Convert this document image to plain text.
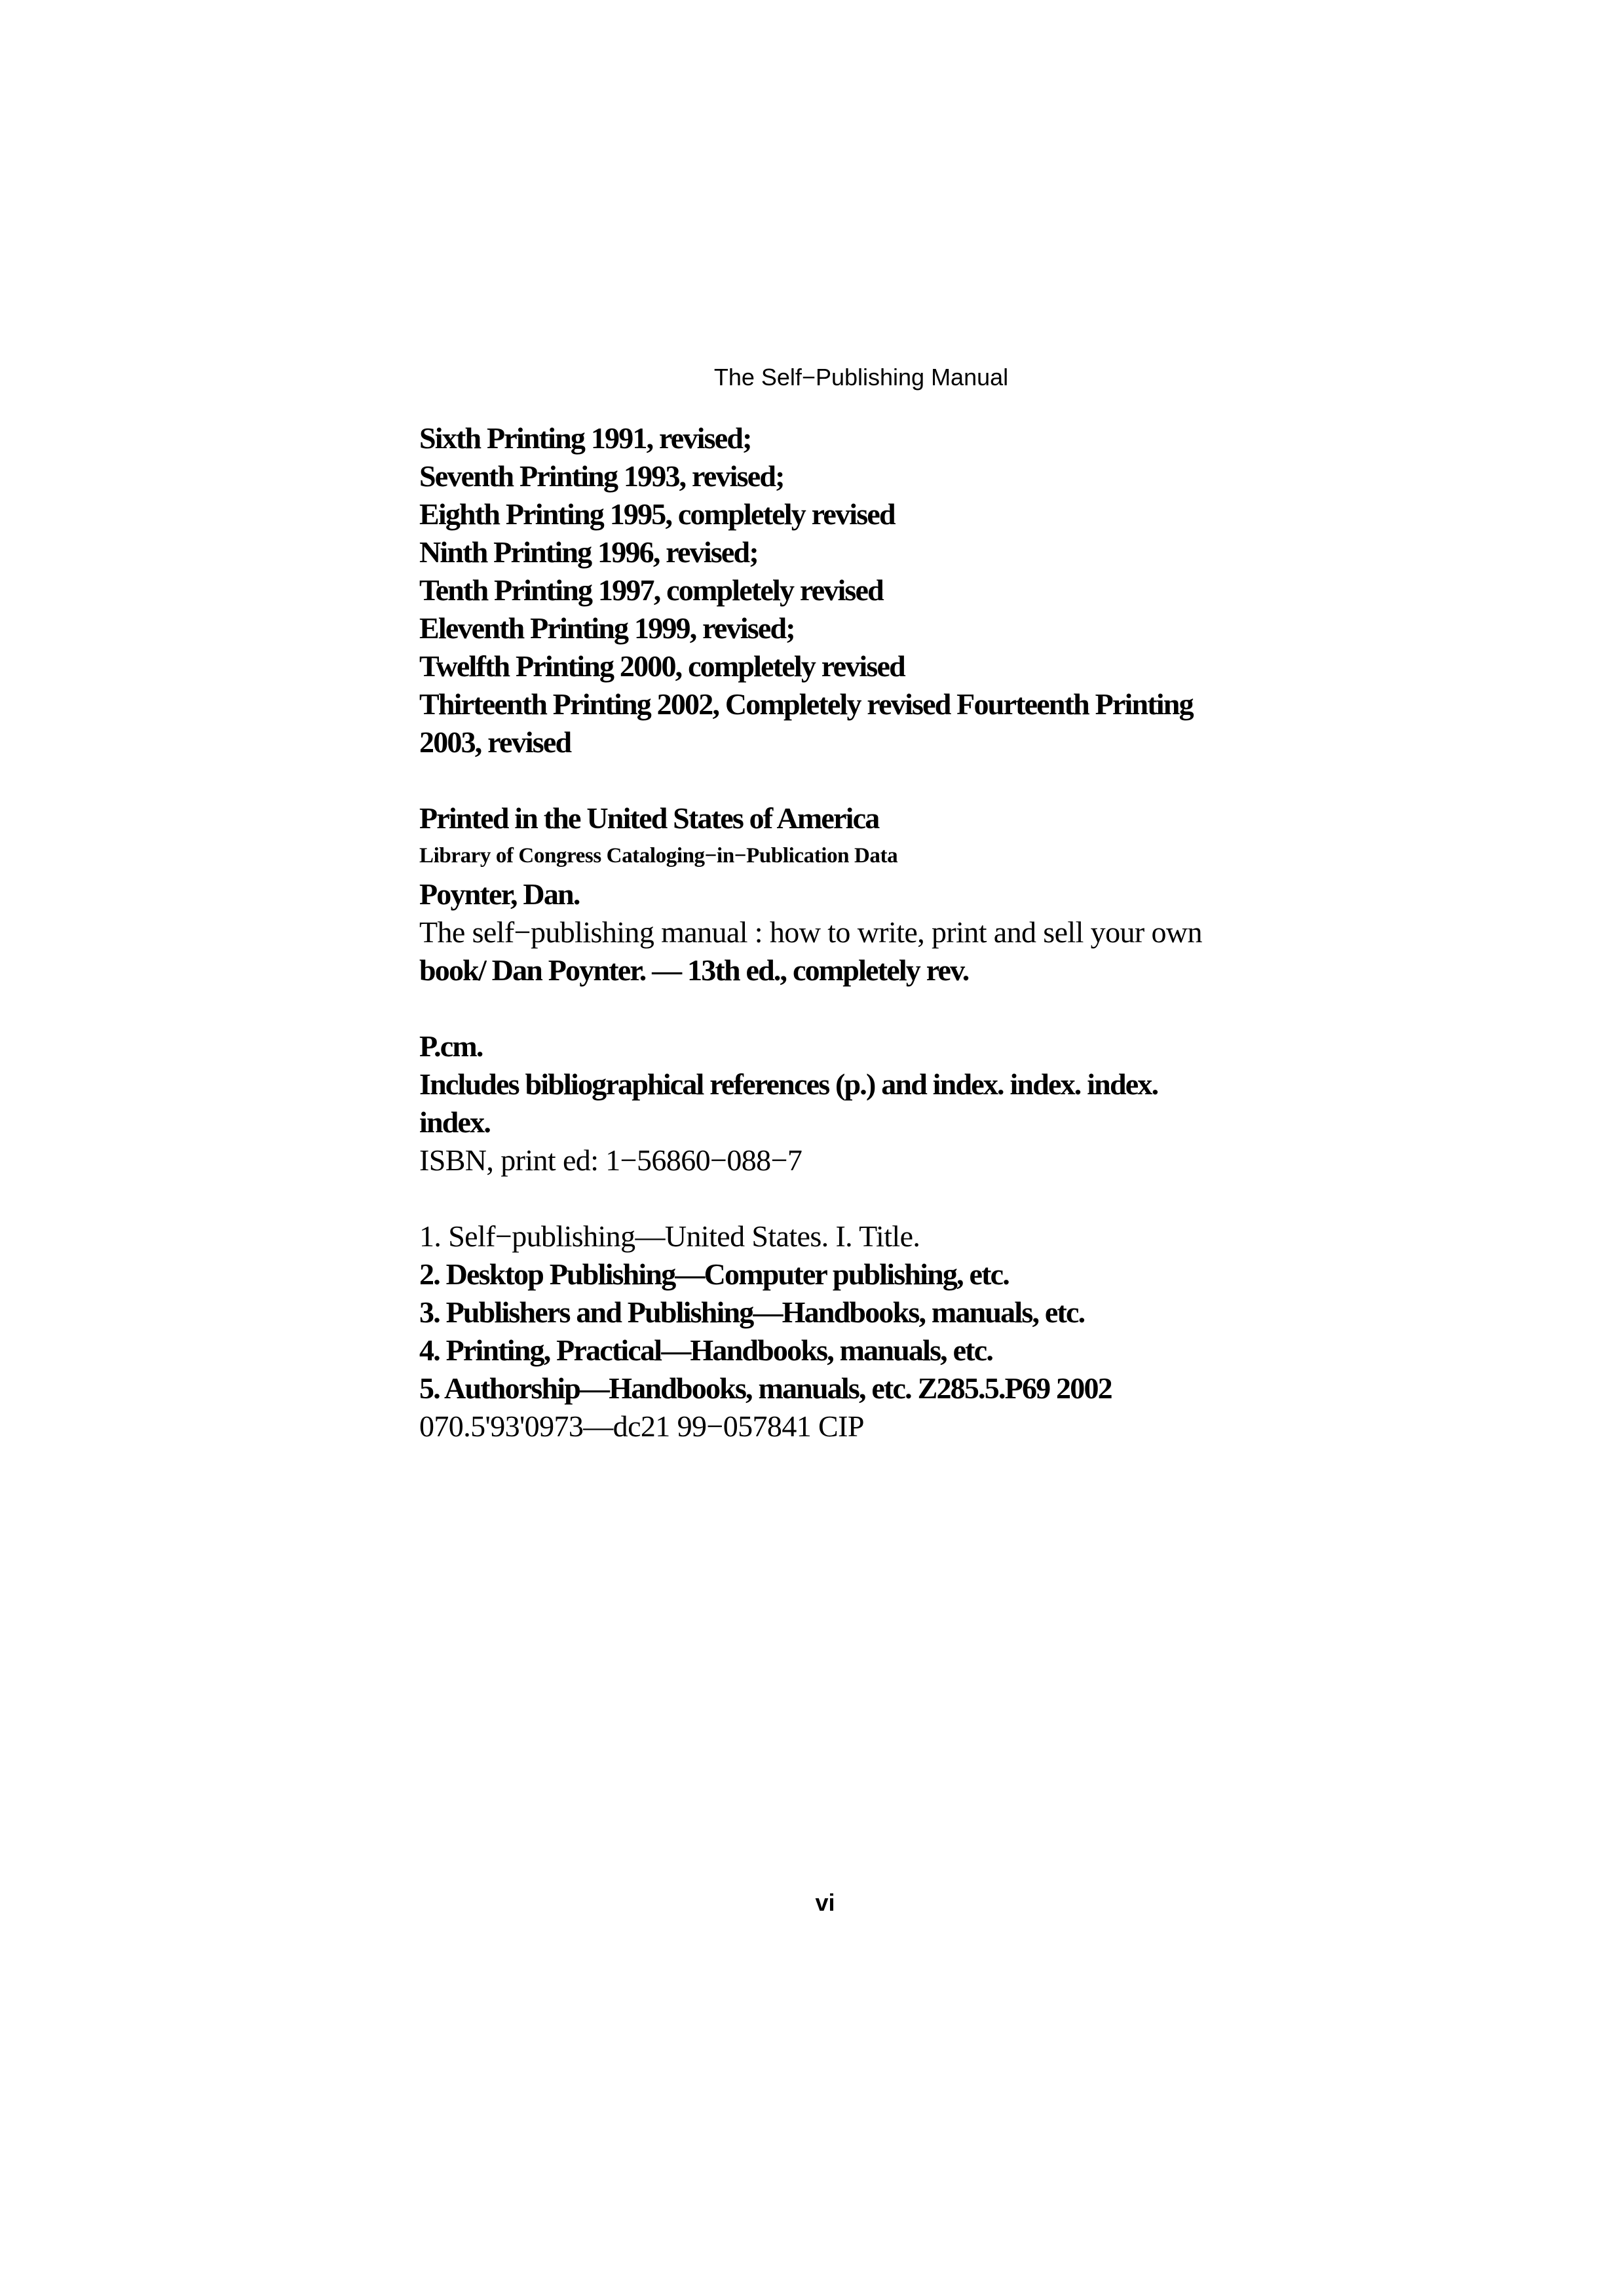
The Self−Publishing Manual
Sixth Printing 1991, revised;
Seventh Printing 1993, revised;
Eighth Printing 1995, completely revised
Ninth Printing 1996, revised;
Tenth Printing 1997, completely revised
Eleventh Printing 1999, revised;
Twelfth Printing 2000, completely revised
Thirteenth Printing 2002, Completely revised Fourteenth Printing
2003, revised
Printed in the United States of America
Library of Congress Cataloging−in−Publication Data
Poynter, Dan.
The self−publishing manual : how to write, print and sell your own
book/ Dan Poynter. — 13th ed., completely rev.
P.cm.
Includes bibliographical references (p.) and index. index. index.
index.
ISBN, print ed: 1−56860−088−7
1. Self−publishing—United States. I. Title.
2. Desktop Publishing—Computer publishing, etc.
3. Publishers and Publishing—Handbooks, manuals, etc.
4. Printing, Practical—Handbooks, manuals, etc.
5. Authorship—Handbooks, manuals, etc. Z285.5.P69 2002
070.5'93'0973—dc21 99−057841 CIP
vi
